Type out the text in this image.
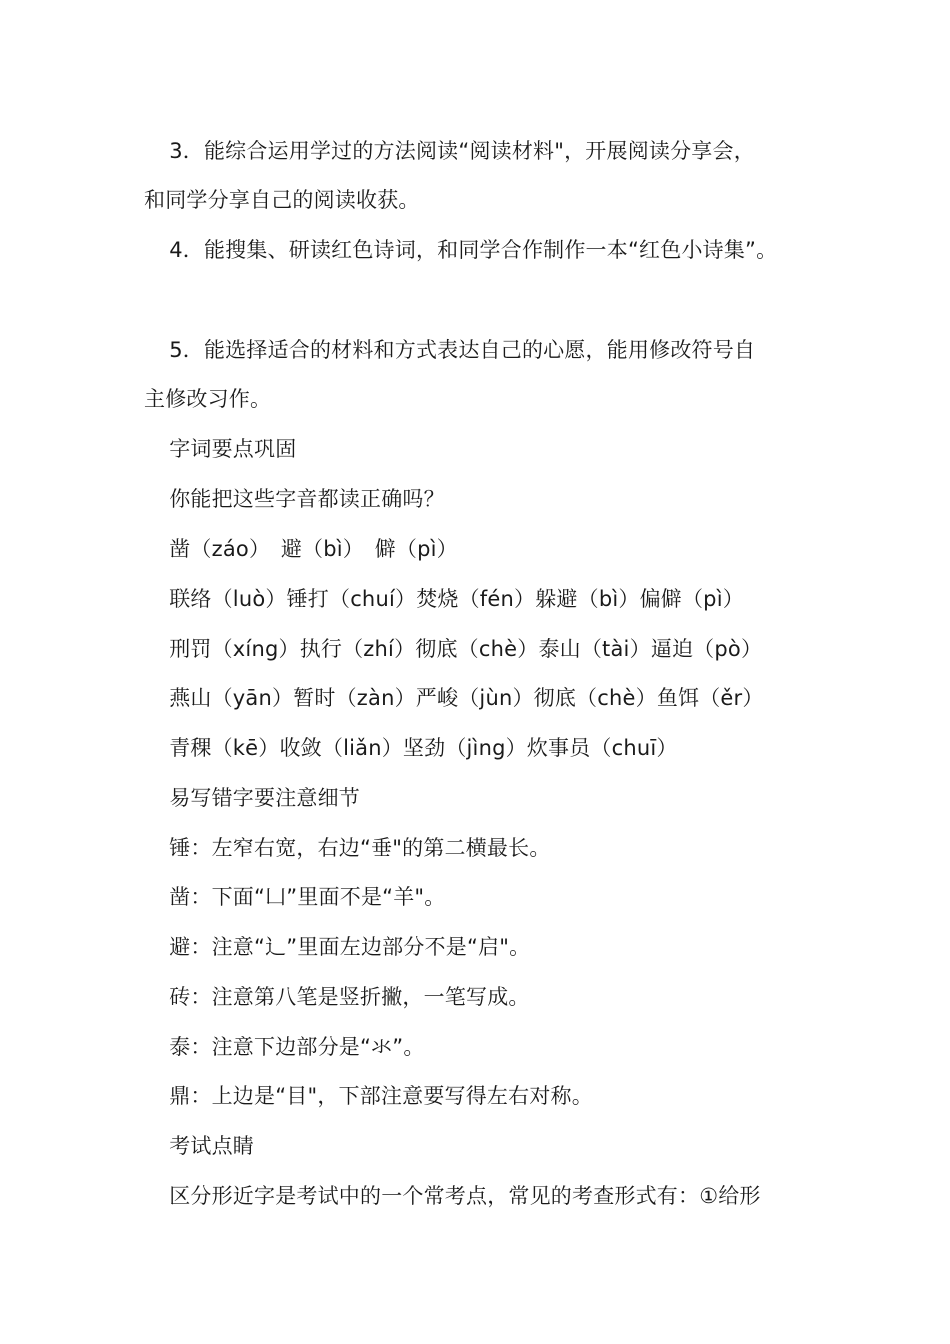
　3．能综合运用学过的方法阅读“阅读材料"，开展阅读分享会，
和同学分享自己的阅读收获。
　4．能搜集、研读红色诗词，和同学合作制作一本“红色小诗集”。
　5．能选择适合的材料和方式表达自己的心愿，能用修改符号自
主修改习作。
　字词要点巩固
　你能把这些字音都读正确吗？
　凿（záo）　避（bì）　僻（pì）
　联络（luò）锤打（chuí）焚烧（fén）躲避（bì）偏僻（pì）
　刑罚（xíng）执行（zhí）彻底（chè）泰山（tài）逼迫（pò）
　燕山（yān）暂时（zàn）严峻（jùn）彻底（chè）鱼饵（ěr）
　青稞（kē）收敛（liǎn）坚劲（jìng）炊事员（chuī）
　易写错字要注意细节
　锤：左窄右宽，右边“垂"的第二横最长。
　凿：下面“凵”里面不是“羊"。
　避：注意“辶”里面左边部分不是“启"。
　砖：注意第八笔是竖折撇，一笔写成。
　泰：注意下边部分是“氺”。
　鼎：上边是“目"，下部注意要写得左右对称。
　考试点睛
　区分形近字是考试中的一个常考点，常见的考查形式有：①给形
